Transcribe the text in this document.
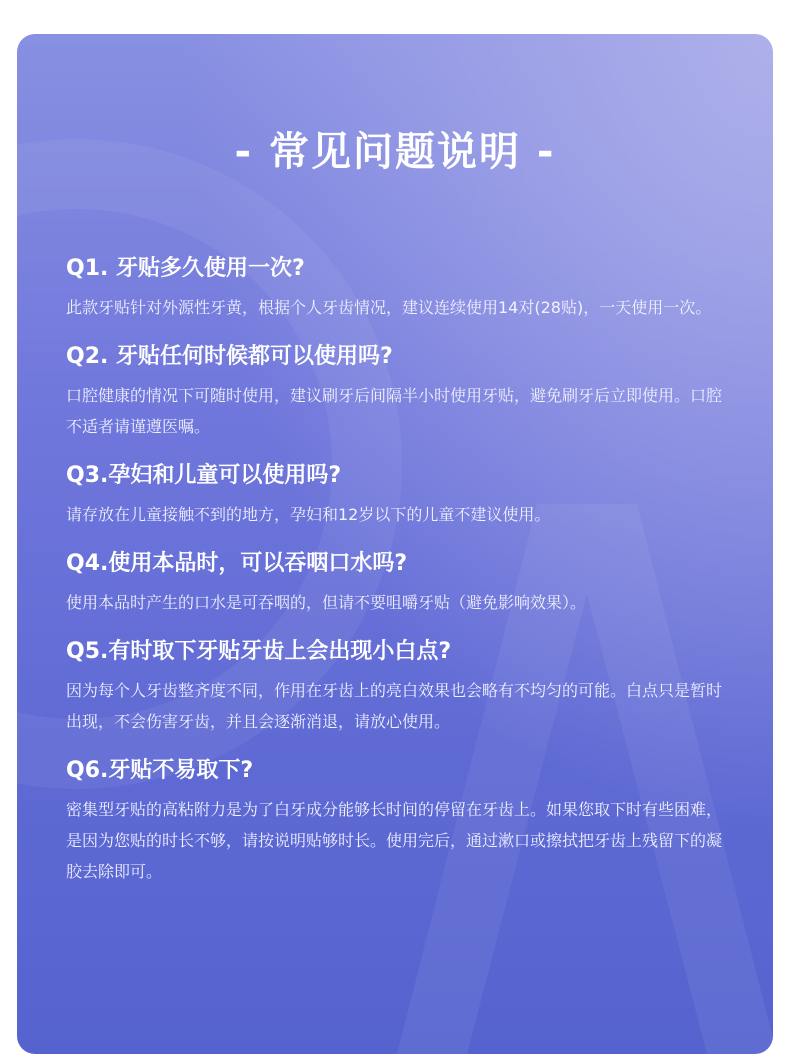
- 常见问题说明 -

Q1. 牙贴多久使用一次?

此款牙贴针对外源性牙黄，根据个人牙齿情况，建议连续使用14对(28贴)，一天使用一次。

Q2. 牙贴任何时候都可以使用吗?

口腔健康的情况下可随时使用，建议刷牙后间隔半小时使用牙贴，避免刷牙后立即使用。口腔不适者请谨遵医嘱。

Q3.孕妇和儿童可以使用吗?

请存放在儿童接触不到的地方，孕妇和12岁以下的儿童不建议使用。

Q4.使用本品时，可以吞咽口水吗?

使用本品时产生的口水是可吞咽的，但请不要咀嚼牙贴（避免影响效果）。

Q5.有时取下牙贴牙齿上会出现小白点?

因为每个人牙齿整齐度不同，作用在牙齿上的亮白效果也会略有不均匀的可能。白点只是暂时出现，不会伤害牙齿，并且会逐渐消退，请放心使用。

Q6.牙贴不易取下?

密集型牙贴的高粘附力是为了白牙成分能够长时间的停留在牙齿上。如果您取下时有些困难，是因为您贴的时长不够，请按说明贴够时长。使用完后，通过漱口或擦拭把牙齿上残留下的凝胶去除即可。
